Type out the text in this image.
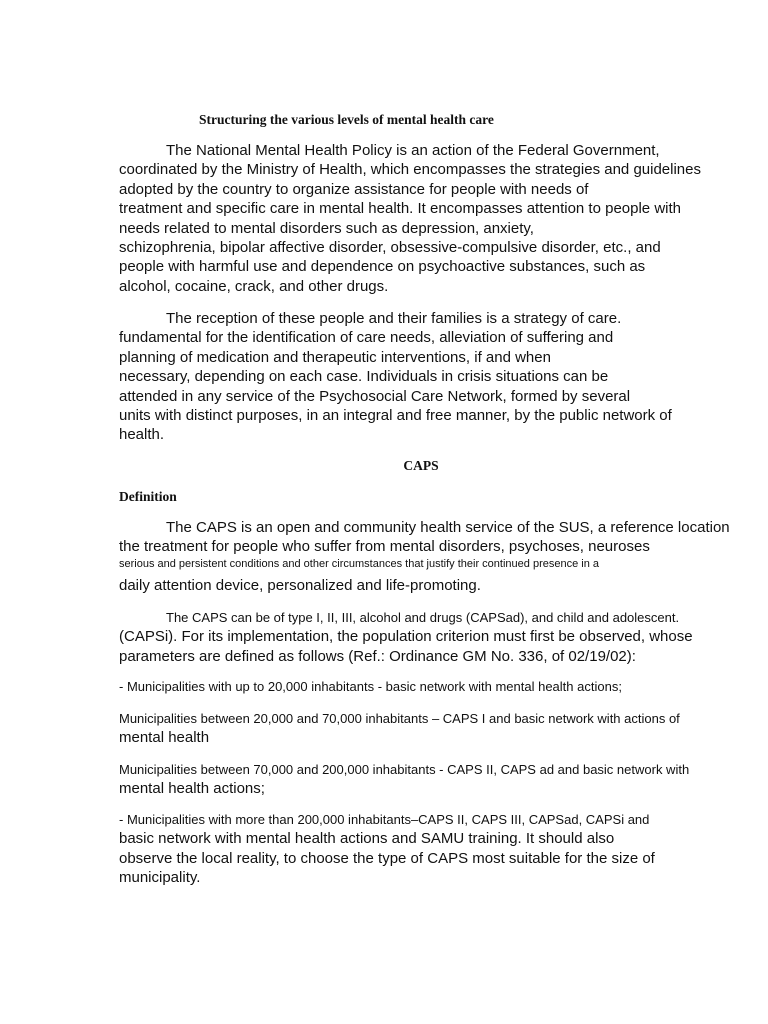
Structuring the various levels of mental health care
The National Mental Health Policy is an action of the Federal Government,
coordinated by the Ministry of Health, which encompasses the strategies and guidelines
adopted by the country to organize assistance for people with needs of
treatment and specific care in mental health. It encompasses attention to people with
needs related to mental disorders such as depression, anxiety,
schizophrenia, bipolar affective disorder, obsessive-compulsive disorder, etc., and
people with harmful use and dependence on psychoactive substances, such as
alcohol, cocaine, crack, and other drugs.
The reception of these people and their families is a strategy of care.
fundamental for the identification of care needs, alleviation of suffering and
planning of medication and therapeutic interventions, if and when
necessary, depending on each case. Individuals in crisis situations can be
attended in any service of the Psychosocial Care Network, formed by several
units with distinct purposes, in an integral and free manner, by the public network of
health.
CAPS
Definition
The CAPS is an open and community health service of the SUS, a reference location
the treatment for people who suffer from mental disorders, psychoses, neuroses
serious and persistent conditions and other circumstances that justify their continued presence in a
daily attention device, personalized and life-promoting.
The CAPS can be of type I, II, III, alcohol and drugs (CAPSad), and child and adolescent.
(CAPSi). For its implementation, the population criterion must first be observed, whose
parameters are defined as follows (Ref.: Ordinance GM No. 336, of 02/19/02):
- Municipalities with up to 20,000 inhabitants - basic network with mental health actions;
Municipalities between 20,000 and 70,000 inhabitants – CAPS I and basic network with actions of
mental health
Municipalities between 70,000 and 200,000 inhabitants - CAPS II, CAPS ad and basic network with
mental health actions;
- Municipalities with more than 200,000 inhabitants–CAPS II, CAPS III, CAPSad, CAPSi and
basic network with mental health actions and SAMU training. It should also
observe the local reality, to choose the type of CAPS most suitable for the size of
municipality.
